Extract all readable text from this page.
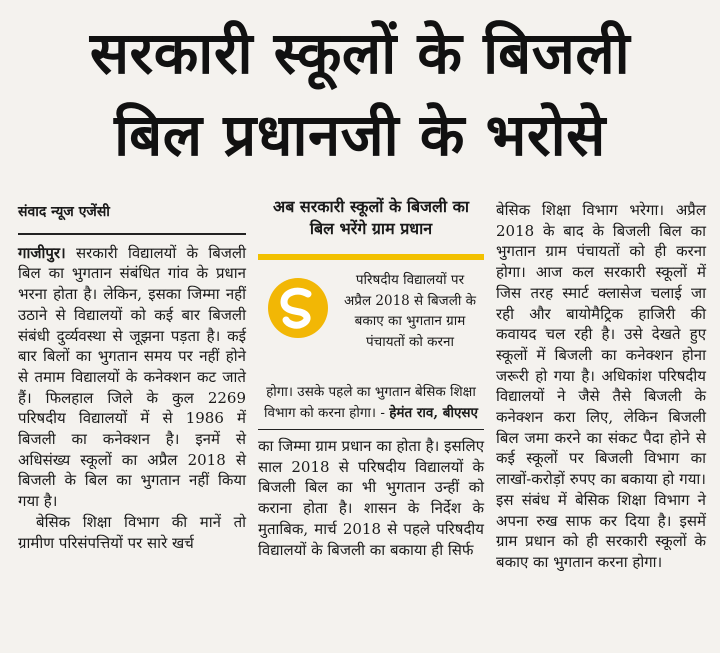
सरकारी स्कूलों के बिजली
बिल प्रधानजी के भरोसे
संवाद न्यूज एजेंसी

गाजीपुर। सरकारी विद्यालयों के बिजली बिल का भुगतान संबंधित गांव के प्रधान भरना होता है। लेकिन, इसका जिम्मा नहीं उठाने से विद्यालयों को कई बार बिजली संबंधी दुर्व्यवस्था से जूझना पड़ता है। कई बार बिलों का भुगतान समय पर नहीं होने से तमाम विद्यालयों के कनेक्शन कट जाते हैं। फिलहाल जिले के कुल 2269 परिषदीय विद्यालयों में से 1986 में बिजली का कनेक्शन है। इनमें से अधिसंख्य स्कूलों का अप्रैल 2018 से बिजली के बिल का भुगतान नहीं किया गया है।

बेसिक शिक्षा विभाग की मानें तो ग्रामीण परिसंपत्तियों पर सारे खर्च

अब सरकारी स्कूलों के बिजली का बिल भरेंगे ग्राम प्रधान
परिषदीय विद्यालयों पर अप्रैल 2018 से बिजली के बकाए का भुगतान ग्राम पंचायतों को करना
होगा। उसके पहले का भुगतान बेसिक शिक्षा विभाग को करना होगा। - हेमंत राव, बीएसए

का जिम्मा ग्राम प्रधान का होता है। इसलिए साल 2018 से परिषदीय विद्यालयों के बिजली बिल का भी भुगतान उन्हीं को कराना होता है। शासन के निर्देश के मुताबिक, मार्च 2018 से पहले परिषदीय विद्यालयों के बिजली का बकाया ही सिर्फ

बेसिक शिक्षा विभाग भरेगा। अप्रैल 2018 के बाद के बिजली बिल का भुगतान ग्राम पंचायतों को ही करना होगा। आज कल सरकारी स्कूलों में जिस तरह स्मार्ट क्लासेज चलाई जा रही और बायोमैट्रिक हाजिरी की कवायद चल रही है। उसे देखते हुए स्कूलों में बिजली का कनेक्शन होना जरूरी हो गया है। अधिकांश परिषदीय विद्यालयों ने जैसे तैसे बिजली के कनेक्शन करा लिए, लेकिन बिजली बिल जमा करने का संकट पैदा होने से कई स्कूलों पर बिजली विभाग का लाखों-करोड़ों रुपए का बकाया हो गया। इस संबंध में बेसिक शिक्षा विभाग ने अपना रुख साफ कर दिया है। इसमें ग्राम प्रधान को ही सरकारी स्कूलों के बकाए का भुगतान करना होगा।
